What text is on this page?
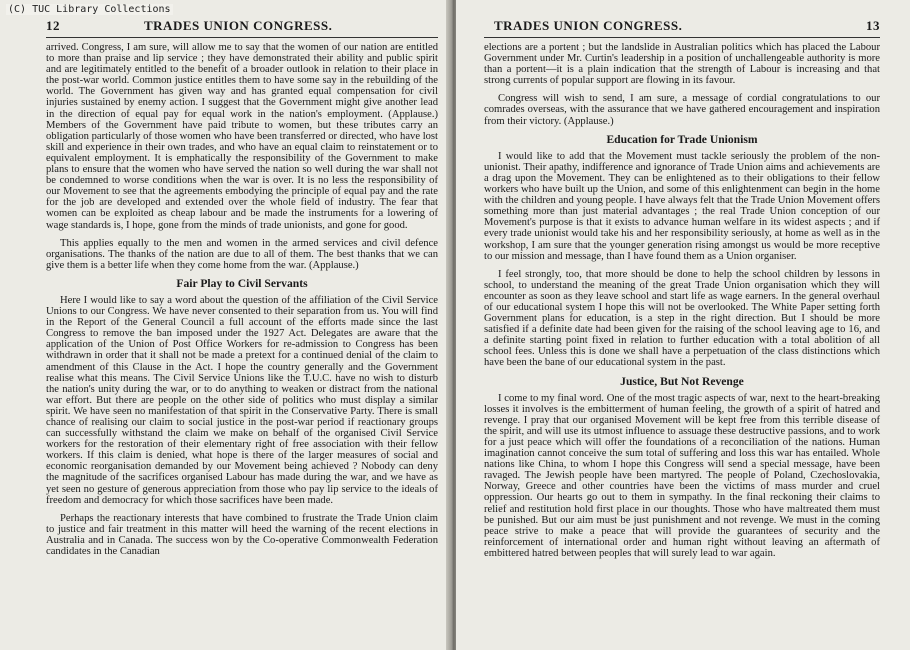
(C) TUC Library Collections
12	TRADES UNION CONGRESS.

arrived. Congress, I am sure, will allow me to say that the women of our nation are entitled to more than praise and lip service ; they have demonstrated their ability and public spirit and are legitimately entitled to the benefit of a broader outlook in relation to their place in the post-war world. Common justice entitles them to have some say in the rebuilding of the world. The Government has given way and has granted equal compensation for civil injuries sustained by enemy action. I suggest that the Government might give another lead in the direction of equal pay for equal work in the nation's employment. (Applause.) Members of the Government have paid tribute to women, but these tributes carry an obligation particularly of those women who have been transferred or directed, who have lost skill and experience in their own trades, and who have an equal claim to reinstatement or to equivalent employment. It is emphatically the responsibility of the Government to make plans to ensure that the women who have served the nation so well during the war shall not be condemned to worse conditions when the war is over. It is no less the responsibility of our Movement to see that the agreements embodying the principle of equal pay and the rate for the job are developed and extended over the whole field of industry. The fear that women can be exploited as cheap labour and be made the instruments for a lowering of wage standards is, I hope, gone from the minds of trade unionists, and gone for good.

This applies equally to the men and women in the armed services and civil defence organisations. The thanks of the nation are due to all of them. The best thanks that we can give them is a better life when they come home from the war. (Applause.)

Fair Play to Civil Servants

Here I would like to say a word about the question of the affiliation of the Civil Service Unions to our Congress. We have never consented to their separation from us. You will find in the Report of the General Council a full account of the efforts made since the last Congress to remove the ban imposed under the 1927 Act. Delegates are aware that the application of the Union of Post Office Workers for re-admission to Congress has been withdrawn in order that it shall not be made a pretext for a continued denial of the claim to amendment of this Clause in the Act. I hope the country generally and the Government realise what this means. The Civil Service Unions like the T.U.C. have no wish to disturb the nation's unity during the war, or to do anything to weaken or distract from the national war effort. But there are people on the other side of politics who must display a similar spirit. We have seen no manifestation of that spirit in the Conservative Party. There is small chance of realising our claim to social justice in the post-war period if reactionary groups can successfully withstand the claim we make on behalf of the organised Civil Service workers for the restoration of their elementary right of free association with their fellow workers. If this claim is denied, what hope is there of the larger measures of social and economic reorganisation demanded by our Movement being achieved ? Nobody can deny the magnitude of the sacrifices organised Labour has made during the war, and we have as yet seen no gesture of generous appreciation from those who pay lip service to the ideals of freedom and democracy for which those sacrifices have been made.

Perhaps the reactionary interests that have combined to frustrate the Trade Union claim to justice and fair treatment in this matter will heed the warning of the recent elections in Australia and in Canada. The success won by the Co-operative Commonwealth Federation candidates in the Canadian

TRADES UNION CONGRESS.	13

elections are a portent ; but the landslide in Australian politics which has placed the Labour Government under Mr. Curtin's leadership in a position of unchallengeable authority is more than a portent—it is a plain indication that the strength of Labour is increasing and that strong currents of popular support are flowing in its favour.

Congress will wish to send, I am sure, a message of cordial congratulations to our comrades overseas, with the assurance that we have gathered encouragement and inspiration from their victory. (Applause.)

Education for Trade Unionism

I would like to add that the Movement must tackle seriously the problem of the non-unionist. Their apathy, indifference and ignorance of Trade Union aims and achievements are a drag upon the Movement. They can be enlightened as to their obligations to their fellow workers who have built up the Union, and some of this enlightenment can begin in the home with the children and young people. I have always felt that the Trade Union Movement offers something more than just material advantages ; the real Trade Union conception of our Movement's purpose is that it exists to advance human welfare in its widest aspects ; and if every trade unionist would take his and her responsibility seriously, at home as well as in the workshop, I am sure that the younger generation rising amongst us would be more receptive to our mission and message, than I have found them as a Union organiser.

I feel strongly, too, that more should be done to help the school children by lessons in school, to understand the meaning of the great Trade Union organisation which they will encounter as soon as they leave school and start life as wage earners. In the general overhaul of our educational system I hope this will not be overlooked. The White Paper setting forth Government plans for education, is a step in the right direction. But I should be more satisfied if a definite date had been given for the raising of the school leaving age to 16, and a definite starting point fixed in relation to further education with a total abolition of all school fees. Unless this is done we shall have a perpetuation of the class distinctions which have been the bane of our educational system in the past.

Justice, But Not Revenge

I come to my final word. One of the most tragic aspects of war, next to the heart-breaking losses it involves is the embitterment of human feeling, the growth of a spirit of hatred and revenge. I pray that our organised Movement will be kept free from this terrible disease of the spirit, and will use its utmost influence to assuage these destructive passions, and to work for a just peace which will offer the foundations of a reconciliation of the nations. Human imagination cannot conceive the sum total of suffering and loss this war has entailed. Whole nations like China, to whom I hope this Congress will send a special message, have been ravaged. The Jewish people have been martyred. The people of Poland, Czechoslovakia, Norway, Greece and other countries have been the victims of mass murder and cruel oppression. Our hearts go out to them in sympathy. In the final reckoning their claims to relief and restitution hold first place in our thoughts. Those who have maltreated them must be punished. But our aim must be just punishment and not revenge. We must in the coming peace strive to make a peace that will provide the guarantees of security and the reinforcement of international order and human right without leaving an aftermath of embittered hatred between peoples that will surely lead to war again.
